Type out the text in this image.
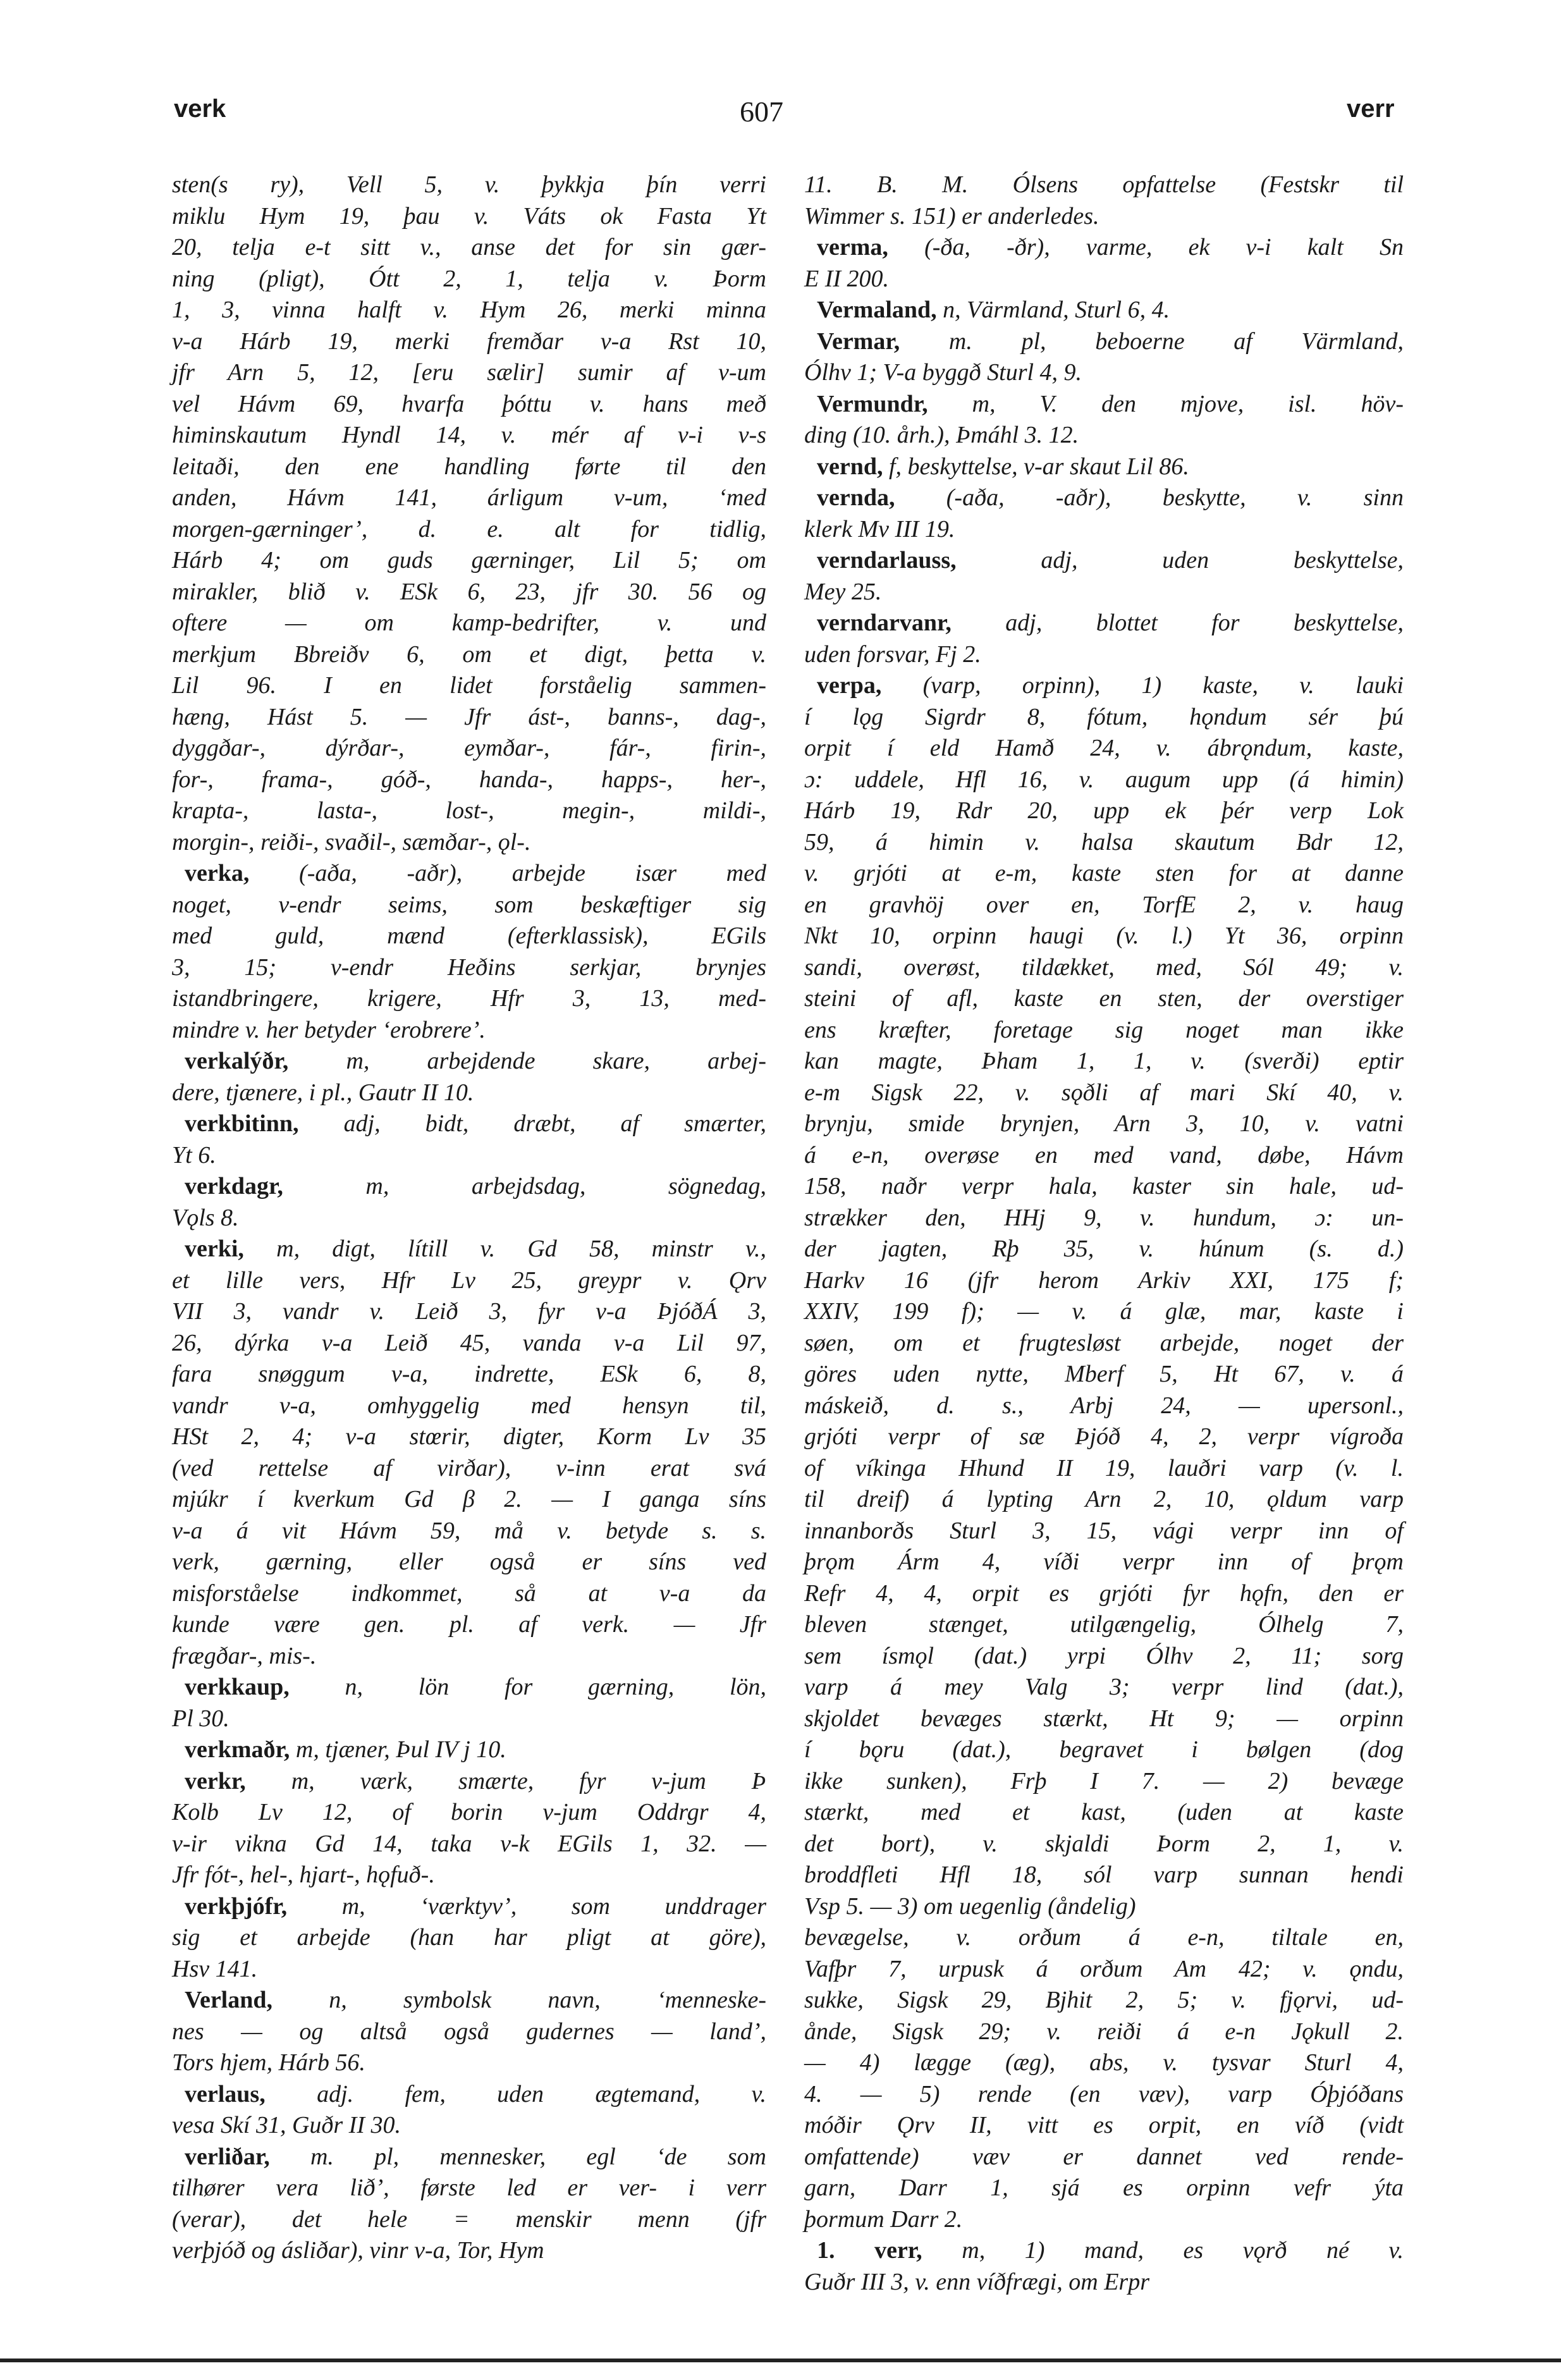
verk	607	verr
sten(s ry), Vell 5, v. þykkja þín verri
miklu Hym 19, þau v. Váts ok Fasta Yt
20, telja e-t sitt v., anse det for sin gær-
ning (pligt), Ótt 2, 1, telja v. Þorm
1, 3, vinna halft v. Hym 26, merki minna
v-a Hárb 19, merki fremðar v-a Rst 10,
jfr Arn 5, 12, [eru sælir] sumir af v-um
vel Hávm 69, hvarfa þóttu v. hans með
himinskautum Hyndl 14, v. mér af v-i v-s
leitaði, den ene handling førte til den
anden, Hávm 141, árligum v-um, ‘med
morgen-gærninger’, d. e. alt for tidlig,
Hárb 4; om guds gærninger, Lil 5; om
mirakler, blið v. ESk 6, 23, jfr 30. 56 og
oftere — om kamp-bedrifter, v. und
merkjum Bbreiðv 6, om et digt, þetta v.
Lil 96. I en lidet forståelig sammen-
hæng, Hást 5. — Jfr ást-, banns-, dag-,
dyggðar-, dýrðar-, eymðar-, fár-, firin-,
for-, frama-, góð-, handa-, happs-, her-,
krapta-, lasta-, lost-, megin-, mildi-,
morgin-, reiði-, svaðil-, sæmðar-, ǫl-.
verka, (-aða, -aðr), arbejde især med
noget, v-endr seims, som beskæftiger sig
med guld, mænd (efterklassisk), EGils
3, 15; v-endr Heðins serkjar, brynjes
istandbringere, krigere, Hfr 3, 13, med-
mindre v. her betyder ‘erobrere’.
verkalýðr, m, arbejdende skare, arbej-
dere, tjænere, i pl., Gautr II 10.
verkbitinn, adj, bidt, dræbt, af smærter,
Yt 6.
verkdagr, m, arbejdsdag, sögnedag,
Vǫls 8.
verki, m, digt, lítill v. Gd 58, minstr v.,
et lille vers, Hfr Lv 25, greypr v. Ǫrv
VII 3, vandr v. Leið 3, fyr v-a ÞjóðÁ 3,
26, dýrka v-a Leið 45, vanda v-a Lil 97,
fara snøggum v-a, indrette, ESk 6, 8,
vandr v-a, omhyggelig med hensyn til,
HSt 2, 4; v-a stœrir, digter, Korm Lv 35
(ved rettelse af virðar), v-inn erat svá
mjúkr í kverkum Gd β 2. — I ganga síns
v-a á vit Hávm 59, må v. betyde s. s.
verk, gærning, eller også er síns ved
misforståelse indkommet, så at v-a da
kunde være gen. pl. af verk. — Jfr
frægðar-, mis-.
verkkaup, n, lön for gærning, lön,
Pl 30.
verkmaðr, m, tjæner, Þul IV j 10.
verkr, m, værk, smærte, fyr v-jum Þ
Kolb Lv 12, of borin v-jum Oddrgr 4,
v-ir vikna Gd 14, taka v-k EGils 1, 32. —
Jfr fót-, hel-, hjart-, hǫfuð-.
verkþjófr, m, ‘værktyv’, som unddrager
sig et arbejde (han har pligt at göre),
Hsv 141.
Verland, n, symbolsk navn, ‘menneske-
nes — og altså også gudernes — land’,
Tors hjem, Hárb 56.
verlaus, adj. fem, uden ægtemand, v.
vesa Skí 31, Guðr II 30.
verliðar, m. pl, mennesker, egl ‘de som
tilhører vera lið’, første led er ver- i verr
(verar), det hele = menskir menn (jfr
verþjóð og ásliðar), vinr v-a, Tor, Hym
11. B. M. Ólsens opfattelse (Festskr til
Wimmer s. 151) er anderledes.
verma, (-ða, -ðr), varme, ek v-i kalt Sn
E II 200.
Vermaland, n, Värmland, Sturl 6, 4.
Vermar, m. pl, beboerne af Värmland,
Ólhv 1; V-a byggð Sturl 4, 9.
Vermundr, m, V. den mjove, isl. höv-
ding (10. årh.), Þmáhl 3. 12.
vernd, f, beskyttelse, v-ar skaut Lil 86.
vernda, (-aða, -aðr), beskytte, v. sinn
klerk Mv III 19.
verndarlauss, adj, uden beskyttelse,
Mey 25.
verndarvanr, adj, blottet for beskyttelse,
uden forsvar, Fj 2.
verpa, (varp, orpinn), 1) kaste, v. lauki
í lǫg Sigrdr 8, fótum, hǫndum sér þú
orpit í eld Hamð 24, v. ábrǫndum, kaste,
ɔ: uddele, Hfl 16, v. augum upp (á himin)
Hárb 19, Rdr 20, upp ek þér verp Lok
59, á himin v. halsa skautum Bdr 12,
v. grjóti at e-m, kaste sten for at danne
en gravhöj over en, TorfE 2, v. haug
Nkt 10, orpinn haugi (v. l.) Yt 36, orpinn
sandi, overøst, tildækket, med, Sól 49; v.
steini of afl, kaste en sten, der overstiger
ens kræfter, foretage sig noget man ikke
kan magte, Þham 1, 1, v. (sverði) eptir
e-m Sigsk 22, v. sǫðli af mari Skí 40, v.
brynju, smide brynjen, Arn 3, 10, v. vatni
á e-n, overøse en med vand, døbe, Hávm
158, naðr verpr hala, kaster sin hale, ud-
strækker den, HHj 9, v. hundum, ɔ: un-
der jagten, Rþ 35, v. húnum (s. d.)
Harkv 16 (jfr herom Arkiv XXI, 175 f;
XXIV, 199 f); — v. á glæ, mar, kaste i
søen, om et frugtesløst arbejde, noget der
göres uden nytte, Mberf 5, Ht 67, v. á
máskeið, d. s., Arbj 24, — upersonl.,
grjóti verpr of sæ Þjóð 4, 2, verpr vígroða
of víkinga Hhund II 19, lauðri varp (v. l.
til dreif) á lypting Arn 2, 10, ǫldum varp
innanborðs Sturl 3, 15, vági verpr inn of
þrǫm Árm 4, víði verpr inn of þrǫm
Refr 4, 4, orpit es grjóti fyr hǫfn, den er
bleven stænget, utilgængelig, Ólhelg 7,
sem ísmǫl (dat.) yrpi Ólhv 2, 11; sorg
varp á mey Valg 3; verpr lind (dat.),
skjoldet bevæges stærkt, Ht 9; — orpinn
í bǫru (dat.), begravet i bølgen (dog
ikke sunken), Frþ I 7. — 2) bevæge
stærkt, med et kast, (uden at kaste
det bort), v. skjaldi Þorm 2, 1, v.
broddfleti Hfl 18, sól varp sunnan hendi
Vsp 5. — 3) om uegenlig (åndelig)
bevægelse, v. orðum á e-n, tiltale en,
Vafþr 7, urpusk á orðum Am 42; v. ǫndu,
sukke, Sigsk 29, Bjhit 2, 5; v. fjǫrvi, ud-
ånde, Sigsk 29; v. reiði á e-n Jǫkull 2.
— 4) lægge (æg), abs, v. tysvar Sturl 4,
4. — 5) rende (en væv), varp Óþjóðans
móðir Ǫrv II, vitt es orpit, en víð (vidt
omfattende) væv er dannet ved rende-
garn, Darr 1, sjá es orpinn vefr ýta
þormum Darr 2.
1. verr, m, 1) mand, es vǫrð né v.
Guðr III 3, v. enn víðfrægi, om Erpr
